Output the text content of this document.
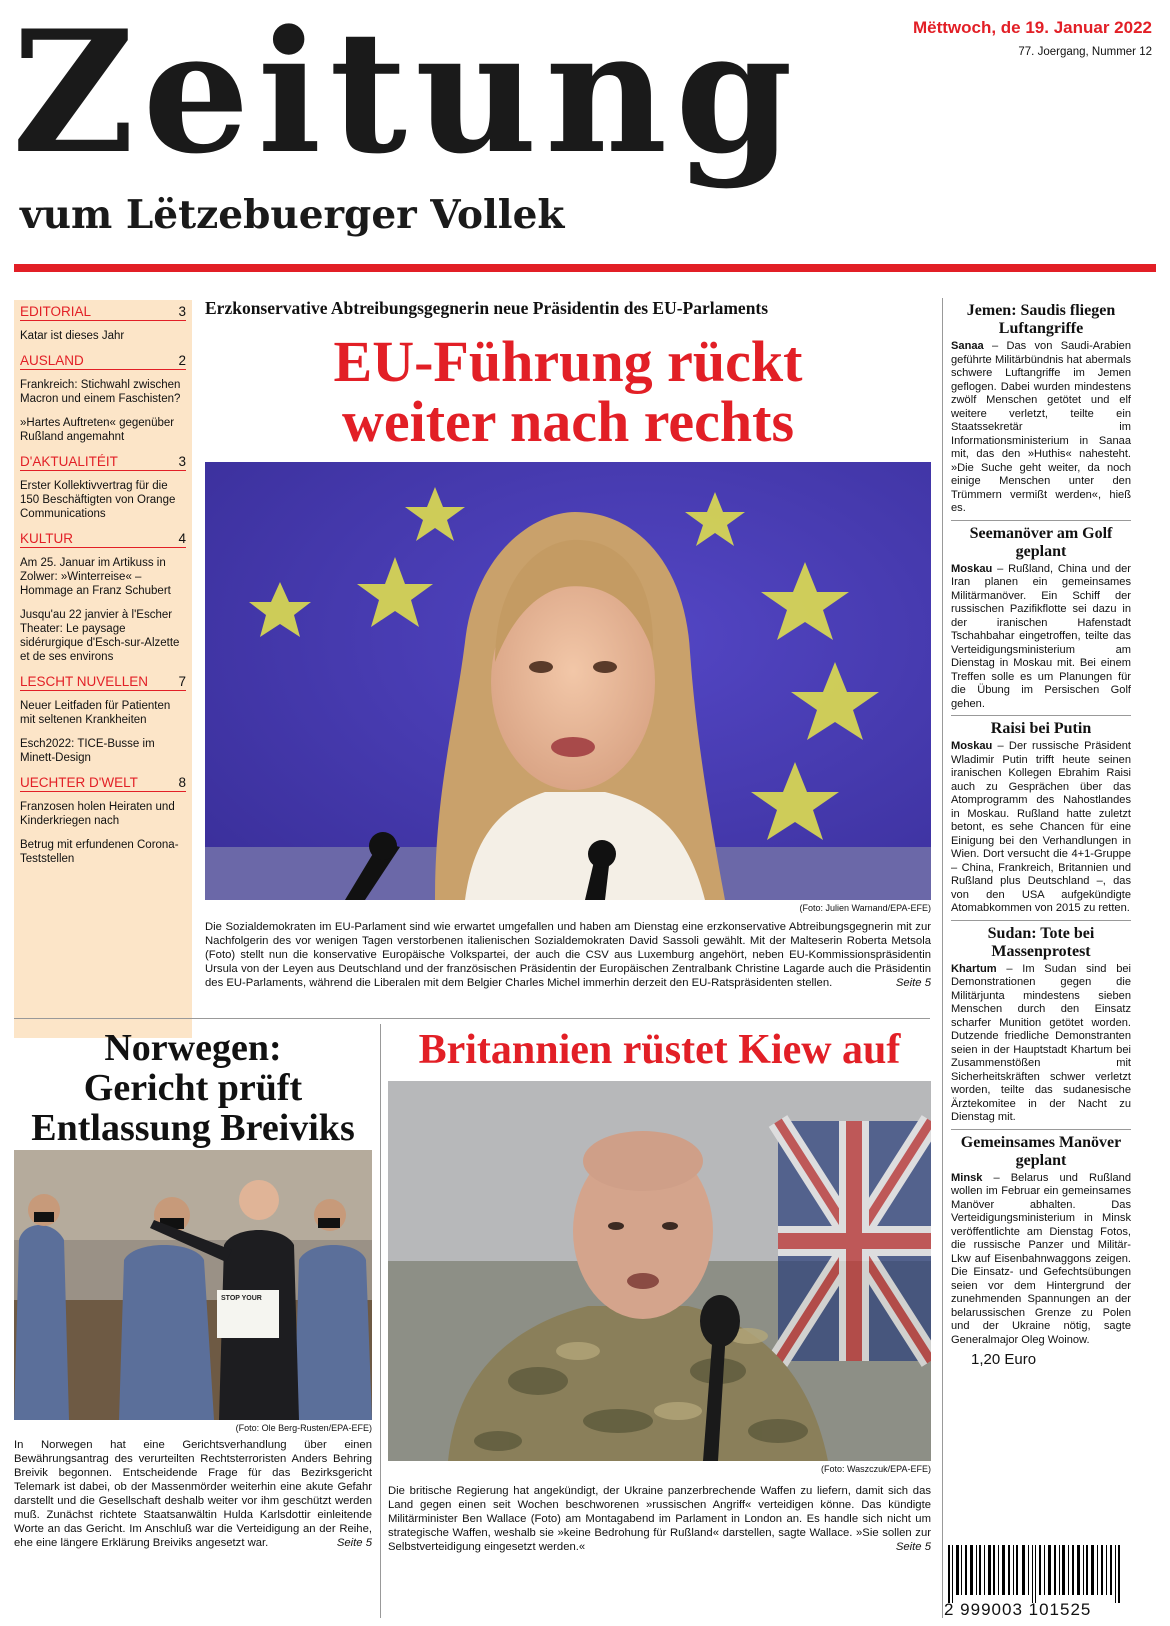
Zeitung
vum Lëtzebuerger Vollek
Mëttwoch, de 19. Januar 2022
77. Joergang, Nummer 12
EDITORIAL	3
Katar ist dieses Jahr
AUSLAND	2
Frankreich: Stichwahl zwischen Macron und einem Faschisten?
»Hartes Auftreten« gegenüber Rußland angemahnt
D'AKTUALITÉIT	3
Erster Kollektivvertrag für die 150 Beschäftigten von Orange Communications
KULTUR	4
Am 25. Januar im Artikuss in Zolwer: »Winterreise« – Hommage an Franz Schubert
Jusqu'au 22 janvier à l'Escher Theater: Le paysage sidérurgique d'Esch-sur-Alzette et de ses environs
LESCHT NUVELLEN 7
Neuer Leitfaden für Patienten mit seltenen Krankheiten
Esch2022: TICE-Busse im Minett-Design
UECHTER D'WELT	8
Franzosen holen Heiraten und Kinderkriegen nach
Betrug mit erfundenen Corona-Teststellen
Erzkonservative Abtreibungsgegnerin neue Präsidentin des EU-Parlaments
EU-Führung rückt
weiter nach rechts
(Foto: Julien Warnand/EPA-EFE)
Die Sozialdemokraten im EU-Parlament sind wie erwartet umgefallen und haben am Dienstag eine erzkonservative Abtreibungsgegnerin mit zur Nachfolgerin des vor wenigen Tagen verstorbenen italienischen Sozialdemokraten David Sassoli gewählt. Mit der Malteserin Roberta Metsola (Foto) stellt nun die konservative Europäische Volkspartei, der auch die CSV aus Luxemburg angehört, neben EU-Kommissionspräsidentin Ursula von der Leyen aus Deutschland und der französischen Präsidentin der Europäischen Zentralbank Christine Lagarde auch die Präsidentin des EU-Parlaments, während die Liberalen mit dem Belgier Charles Michel immerhin derzeit den EU-Ratspräsidenten stellen.	Seite 5
Jemen: Saudis fliegen Luftangriffe
Sanaa – Das von Saudi-Arabien geführte Militärbündnis hat abermals schwere Luftangriffe im Jemen geflogen. Dabei wurden mindestens zwölf Menschen getötet und elf weitere verletzt, teilte ein Staatssekretär im Informationsministerium in Sanaa mit, das den »Huthis« nahesteht. »Die Suche geht weiter, da noch einige Menschen unter den Trümmern vermißt werden«, hieß es.
Seemanöver am Golf geplant
Moskau – Rußland, China und der Iran planen ein gemeinsames Militärmanöver. Ein Schiff der russischen Pazifikflotte sei dazu in der iranischen Hafenstadt Tschahbahar eingetroffen, teilte das Verteidigungsministerium am Dienstag in Moskau mit. Bei einem Treffen solle es um Planungen für die Übung im Persischen Golf gehen.
Raisi bei Putin
Moskau – Der russische Präsident Wladimir Putin trifft heute seinen iranischen Kollegen Ebrahim Raisi auch zu Gesprächen über das Atomprogramm des Nahostlandes in Moskau. Rußland hatte zuletzt betont, es sehe Chancen für eine Einigung bei den Verhandlungen in Wien. Dort versucht die 4+1-Gruppe – China, Frankreich, Britannien und Rußland plus Deutschland –, das von den USA aufgekündigte Atomabkommen von 2015 zu retten.
Sudan: Tote bei Massenprotest
Khartum – Im Sudan sind bei Demonstrationen gegen die Militärjunta mindestens sieben Menschen durch den Einsatz scharfer Munition getötet worden. Dutzende friedliche Demonstranten seien in der Hauptstadt Khartum bei Zusammenstößen mit Sicherheitskräften schwer verletzt worden, teilte das sudanesische Ärztekomitee in der Nacht zu Dienstag mit.
Gemeinsames Manöver geplant
Minsk – Belarus und Rußland wollen im Februar ein gemeinsames Manöver abhalten. Das Verteidigungsministerium in Minsk veröffentlichte am Dienstag Fotos, die russische Panzer und Militär-Lkw auf Eisenbahnwaggons zeigen. Die Einsatz- und Gefechtsübungen seien vor dem Hintergrund der zunehmenden Spannungen an der belarussischen Grenze zu Polen und der Ukraine nötig, sagte Generalmajor Oleg Woinow.
1,20 Euro
2 999003 101525
Norwegen:
Gericht prüft
Entlassung Breiviks
STOP YOUR
(Foto: Ole Berg-Rusten/EPA-EFE)
In Norwegen hat eine Gerichtsverhandlung über einen Bewährungsantrag des verurteilten Rechtsterroristen Anders Behring Breivik begonnen. Entscheidende Frage für das Bezirksgericht Telemark ist dabei, ob der Massenmörder weiterhin eine akute Gefahr darstellt und die Gesellschaft deshalb weiter vor ihm geschützt werden muß. Zunächst richtete Staatsanwältin Hulda Karlsdottir einleitende Worte an das Gericht. Im Anschluß war die Verteidigung an der Reihe, ehe eine längere Erklärung Breiviks angesetzt war.	Seite 5
Britannien rüstet Kiew auf
(Foto: Waszczuk/EPA-EFE)
Die britische Regierung hat angekündigt, der Ukraine panzerbrechende Waffen zu liefern, damit sich das Land gegen einen seit Wochen beschworenen »russischen Angriff« verteidigen könne. Das kündigte Militärminister Ben Wallace (Foto) am Montagabend im Parlament in London an. Es handle sich nicht um strategische Waffen, weshalb sie »keine Bedrohung für Rußland« darstellen, sagte Wallace. »Sie sollen zur Selbstverteidigung eingesetzt werden.«	Seite 5
